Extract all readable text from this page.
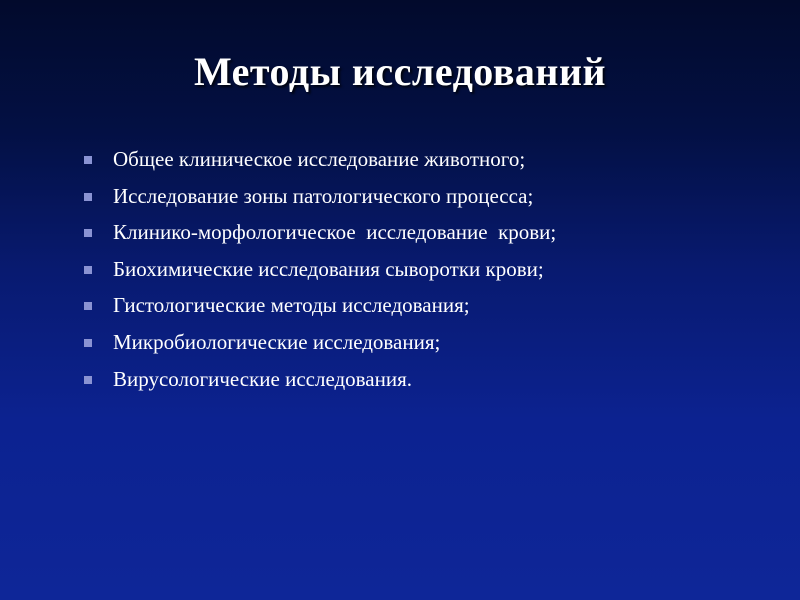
Методы исследований
Общее клиническое исследование животного;
Исследование зоны патологического процесса;
Клинико-морфологическое  исследование  крови;
Биохимические исследования сыворотки крови;
Гистологические методы исследования;
Микробиологические исследования;
Вирусологические исследования.
